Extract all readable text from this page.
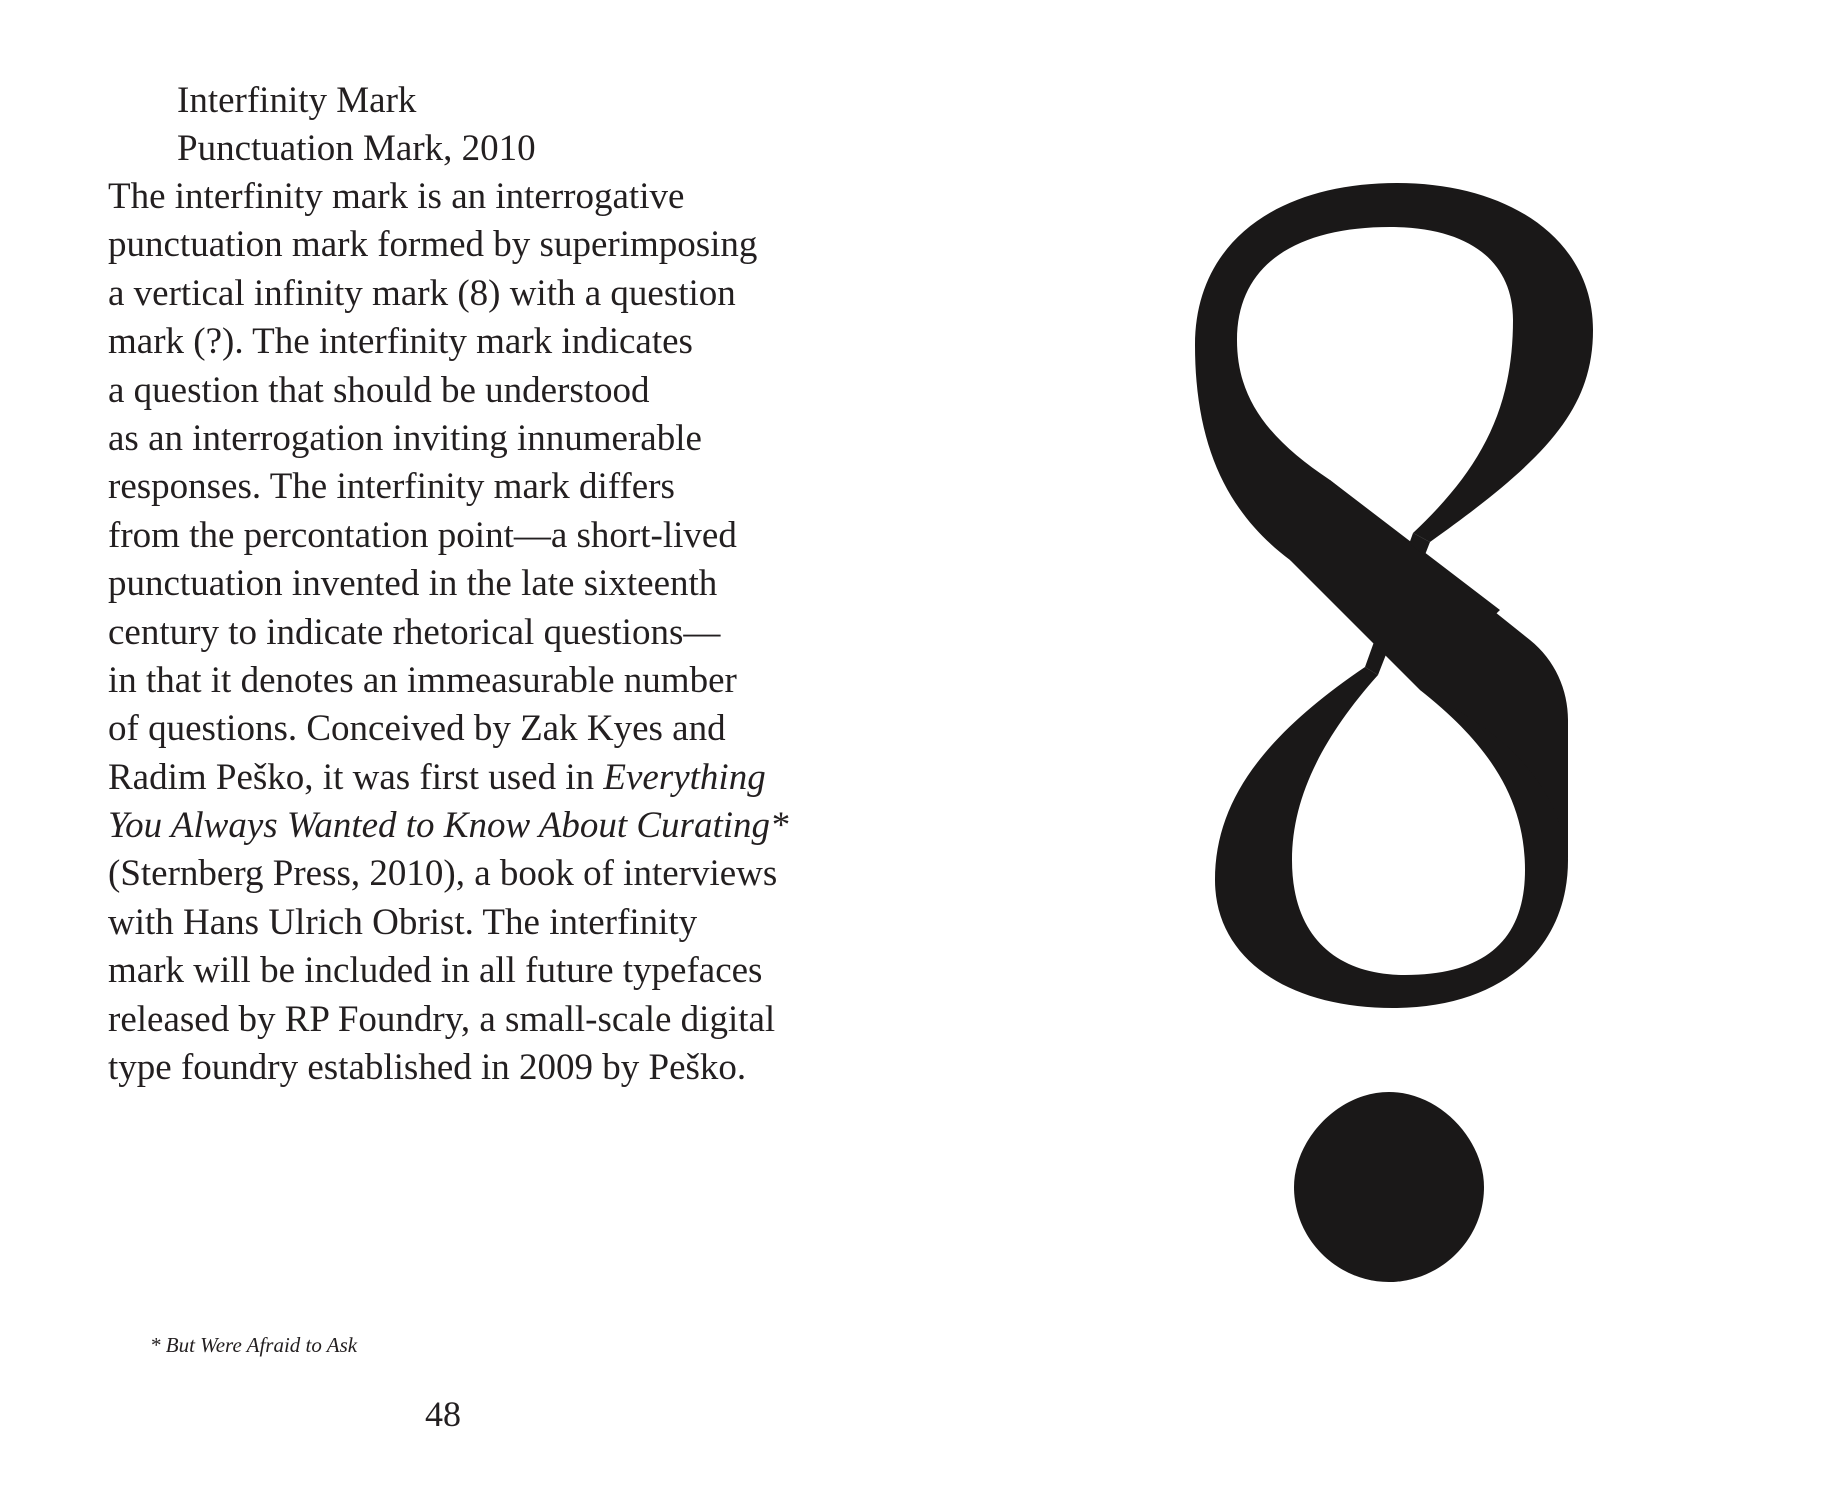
Interfinity Mark
Punctuation Mark, 2010
The interfinity mark is an interrogative
punctuation mark formed by superimposing
a vertical infinity mark (8) with a question
mark (?). The interfinity mark indicates
a question that should be understood
as an interrogation inviting innumerable
responses. The interfinity mark differs
from the percontation point—a short-lived
punctuation invented in the late sixteenth
century to indicate rhetorical questions—
in that it denotes an immeasurable number
of questions. Conceived by Zak Kyes and
Radim Peško, it was first used in Everything
You Always Wanted to Know About Curating*
(Sternberg Press, 2010), a book of interviews
with Hans Ulrich Obrist. The interfinity
mark will be included in all future typefaces
released by RP Foundry, a small-scale digital
type foundry established in 2009 by Peško.
* But Were Afraid to Ask
48
